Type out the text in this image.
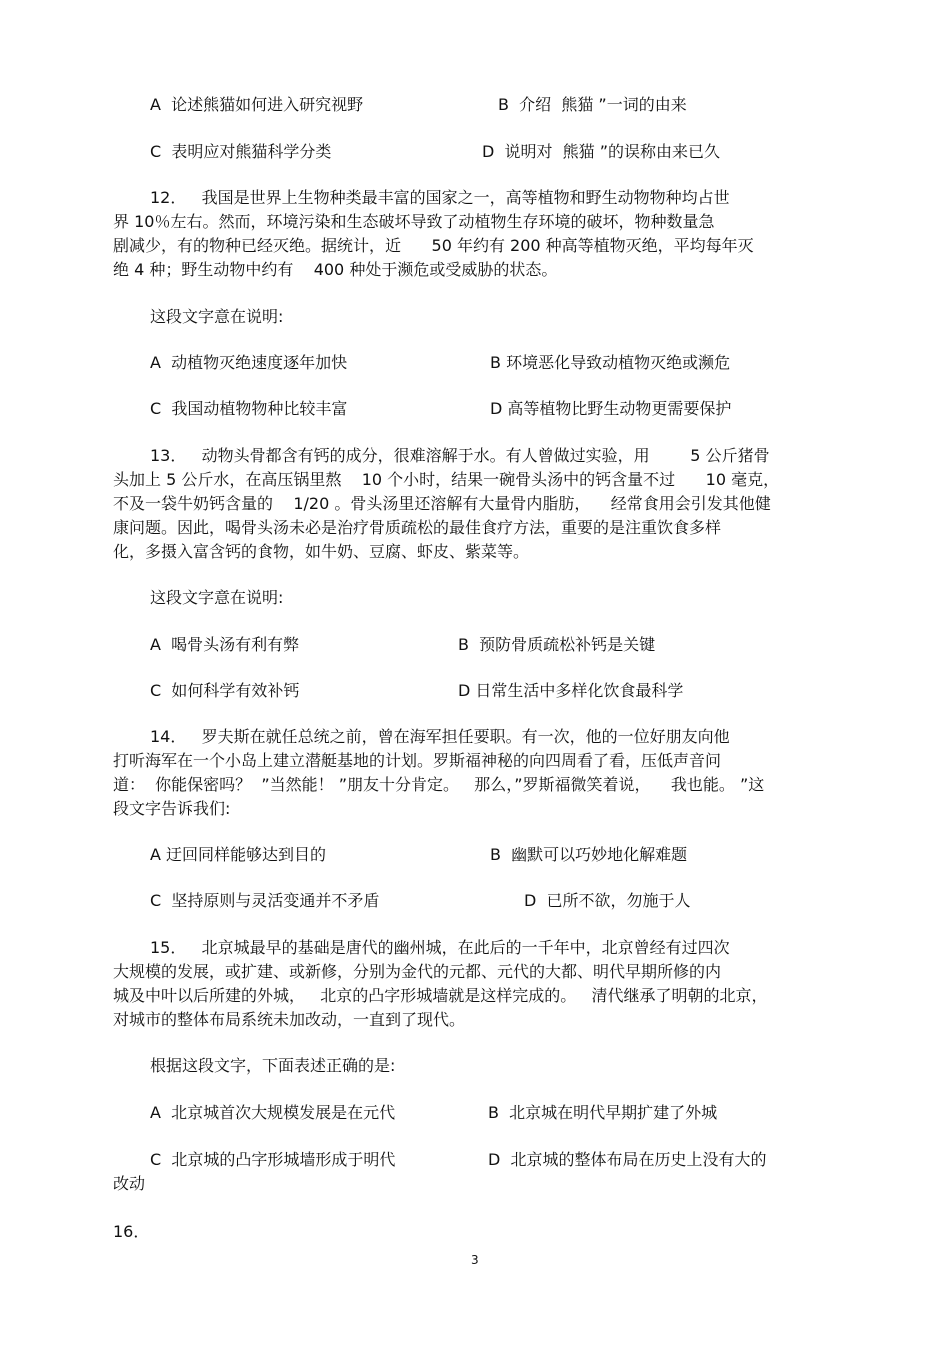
A  论述熊猫如何进入研究视野	B  介绍  熊猫 ”一词的由来
C  表明应对熊猫科学分类	D  说明对  熊猫 ”的误称由来已久
12．   我国是世界上生物种类最丰富的国家之一，高等植物和野生动物物种均占世
界 10％左右。然而，环境污染和生态破坏导致了动植物生存环境的破坏，物种数量急
剧减少，有的物种已经灭绝。据统计，近      50 年约有 200 种高等植物灭绝，平均每年灭
绝 4 种；野生动物中约有    400 种处于濒危或受威胁的状态。
这段文字意在说明:
A  动植物灭绝速度逐年加快	B 环境恶化导致动植物灭绝或濒危
C  我国动植物物种比较丰富	D 高等植物比野生动物更需要保护
13．   动物头骨都含有钙的成分，很难溶解于水。有人曾做过实验，用        5 公斤猪骨
头加上 5 公斤水，在高压锅里熬    10 个小时，结果一碗骨头汤中的钙含量不过      10 毫克，
不及一袋牛奶钙含量的    1/20 。骨头汤里还溶解有大量骨内脂肪，    经常食用会引发其他健
康问题。因此，喝骨头汤未必是治疗骨质疏松的最佳食疗方法，重要的是注重饮食多样
化，多摄入富含钙的食物，如牛奶、豆腐、虾皮、紫菜等。
这段文字意在说明:
A  喝骨头汤有利有弊	B  预防骨质疏松补钙是关键
C  如何科学有效补钙	D 日常生活中多样化饮食最科学
14．   罗夫斯在就任总统之前，曾在海军担任要职。有一次，他的一位好朋友向他
打听海军在一个小岛上建立潜艇基地的计划。罗斯福神秘的向四周看了看，压低声音问
道：  你能保密吗？  ”当然能！ ”朋友十分肯定。   那么，”罗斯福微笑着说，    我也能。 ”这
段文字告诉我们:
A 迂回同样能够达到目的	B  幽默可以巧妙地化解难题
C  坚持原则与灵活变通并不矛盾	D  已所不欲，勿施于人
15．   北京城最早的基础是唐代的幽州城，在此后的一千年中，北京曾经有过四次
大规模的发展，或扩建、或新修，分别为金代的元都、元代的大都、明代早期所修的内
城及中叶以后所建的外城，   北京的凸字形城墙就是这样完成的。   清代继承了明朝的北京，
对城市的整体布局系统未加改动，一直到了现代。
根据这段文字，下面表述正确的是:
A  北京城首次大规模发展是在元代	B  北京城在明代早期扩建了外城
C  北京城的凸字形城墙形成于明代	D  北京城的整体布局在历史上没有大的
改动
16．
3
